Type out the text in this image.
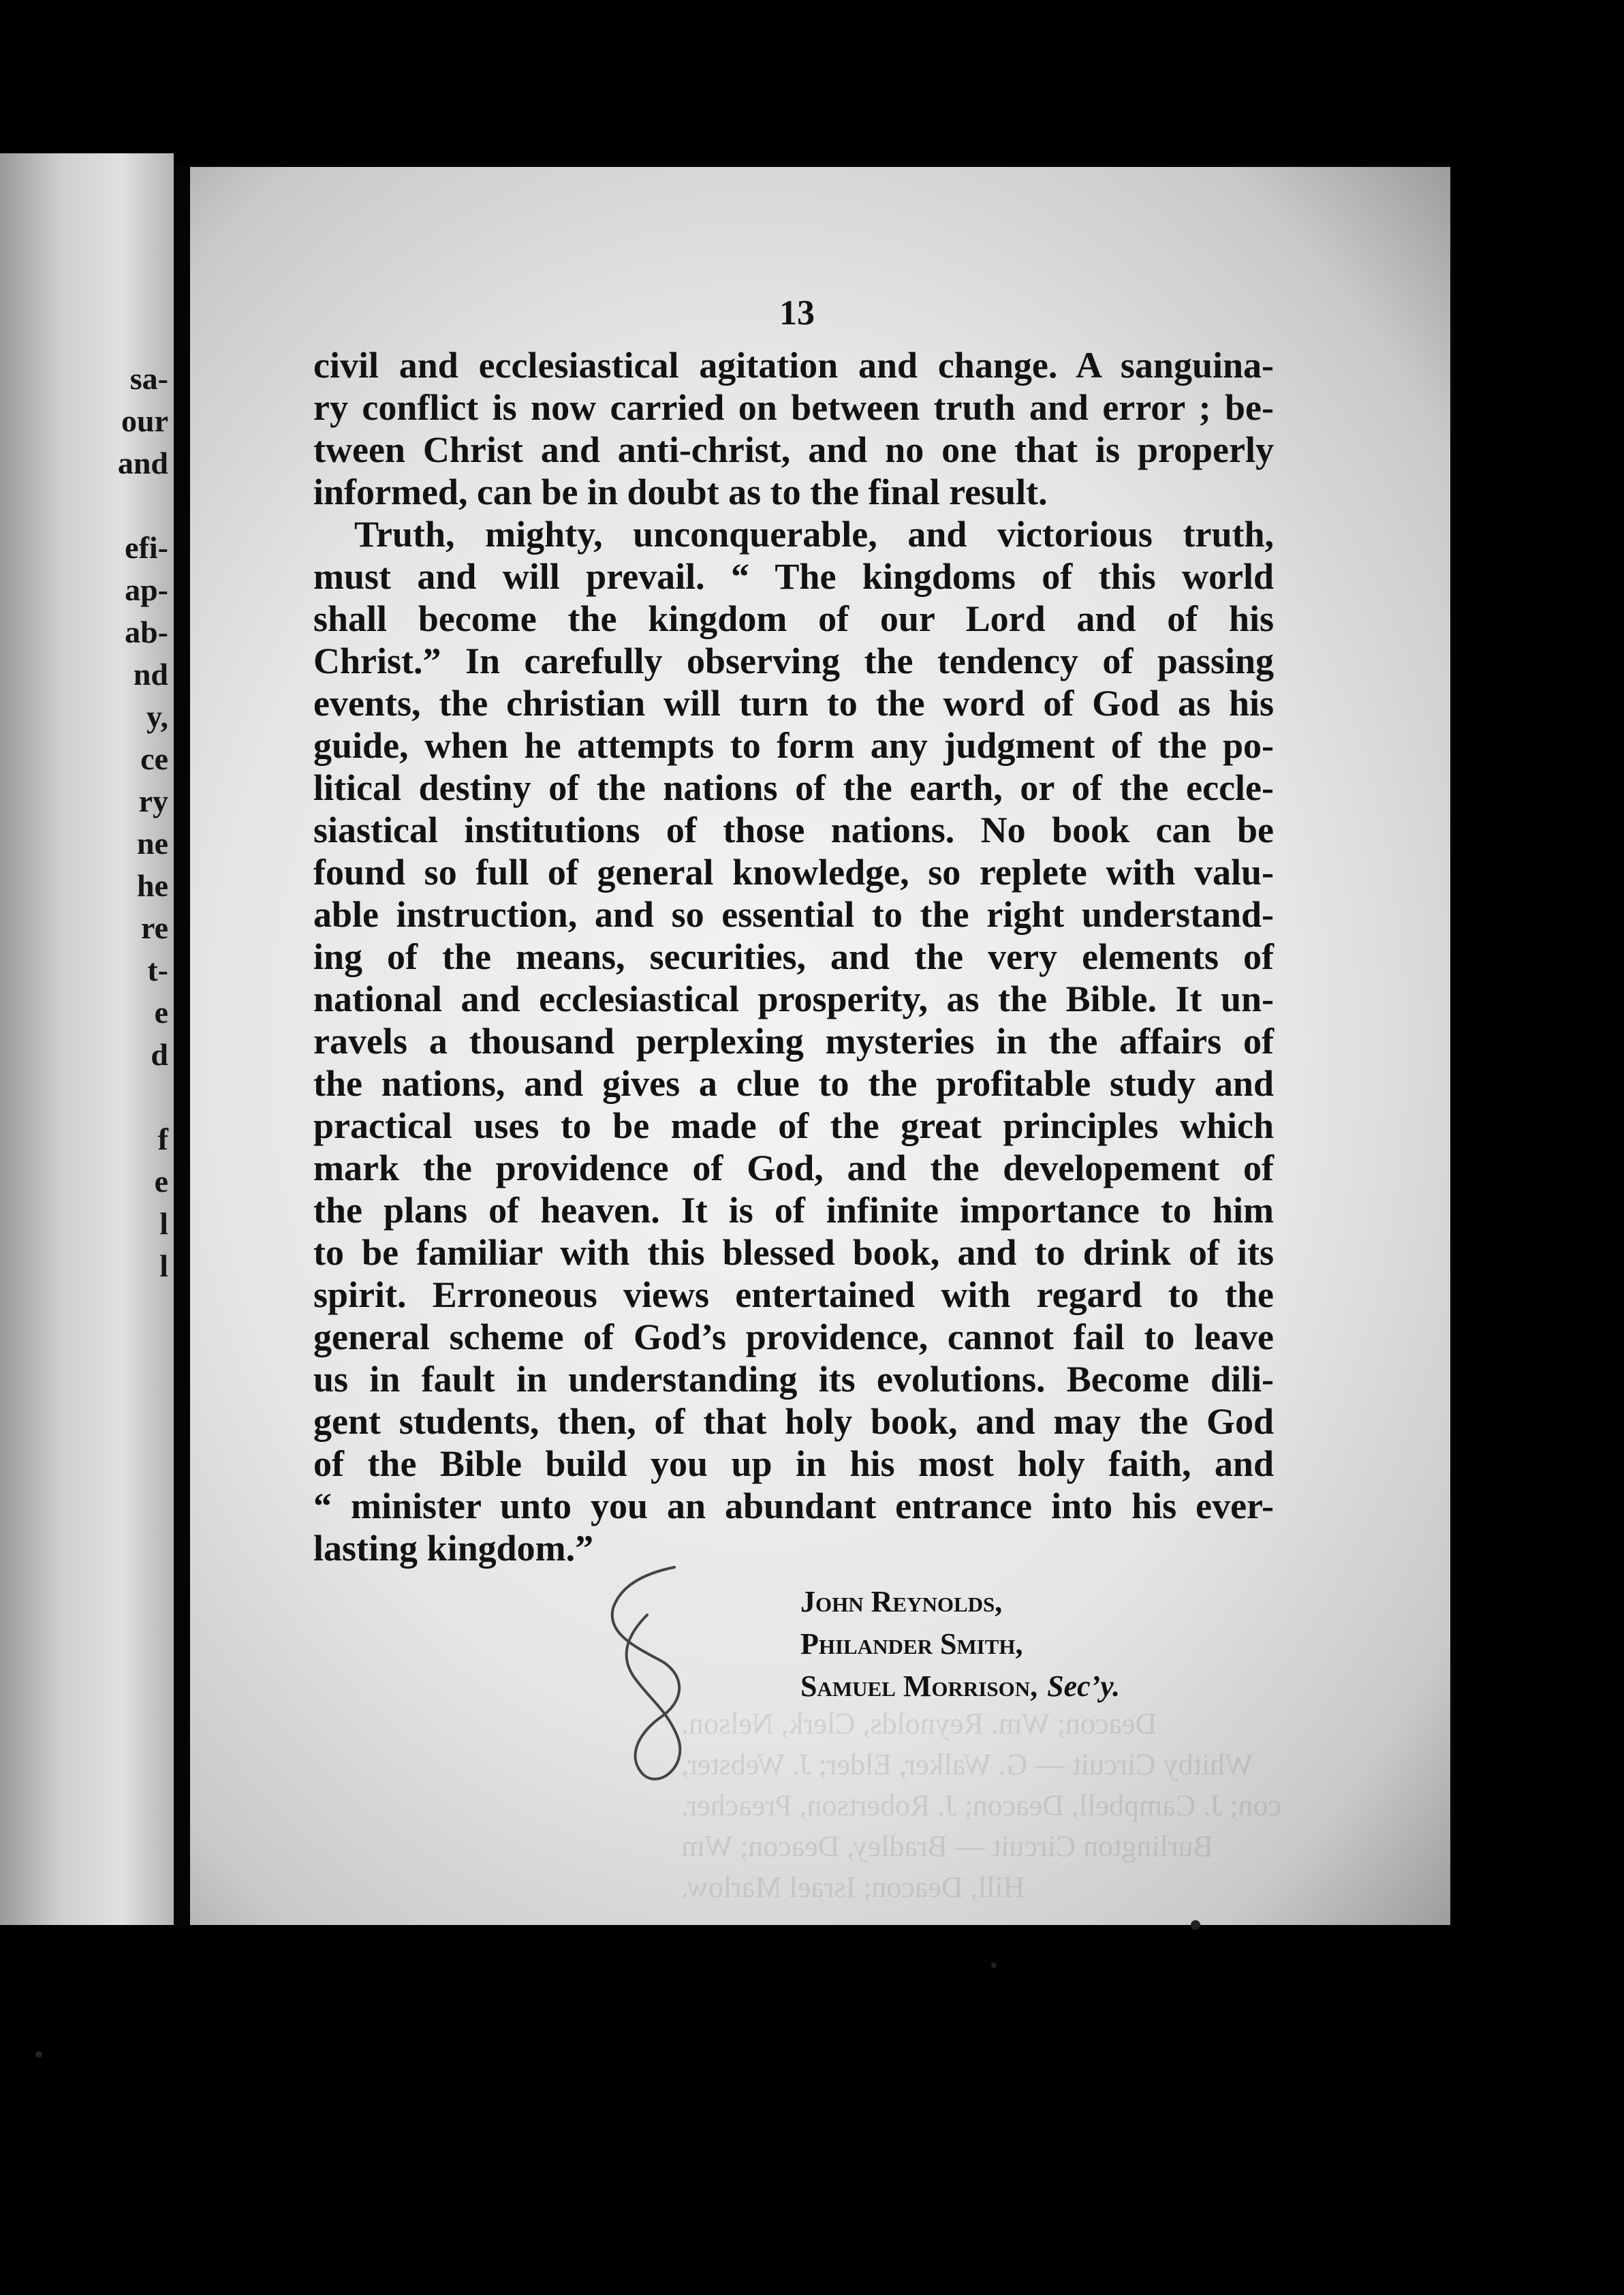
sa-
our
and
efi-
ap-
ab-
nd
y,
ce
ry
ne
he
re
t-
e
d
f
e
l
l
13
civil and ecclesiastical agitation and change. A sanguina-
ry conflict is now carried on between truth and error ; be-
tween Christ and anti-christ, and no one that is properly
informed, can be in doubt as to the final result.
Truth, mighty, unconquerable, and victorious truth,
must and will prevail. “ The kingdoms of this world
shall become the kingdom of our Lord and of his
Christ.” In carefully observing the tendency of passing
events, the christian will turn to the word of God as his
guide, when he attempts to form any judgment of the po-
litical destiny of the nations of the earth, or of the eccle-
siastical institutions of those nations. No book can be
found so full of general knowledge, so replete with valu-
able instruction, and so essential to the right understand-
ing of the means, securities, and the very elements of
national and ecclesiastical prosperity, as the Bible. It un-
ravels a thousand perplexing mysteries in the affairs of
the nations, and gives a clue to the profitable study and
practical uses to be made of the great principles which
mark the providence of God, and the developement of
the plans of heaven. It is of infinite importance to him
to be familiar with this blessed book, and to drink of its
spirit. Erroneous views entertained with regard to the
general scheme of God’s providence, cannot fail to leave
us in fault in understanding its evolutions. Become dili-
gent students, then, of that holy book, and may the God
of the Bible build you up in his most holy faith, and
“ minister unto you an abundant entrance into his ever-
lasting kingdom.”
John Reynolds,
Philander Smith,
Samuel Morrison, Sec’y.
Deacon; Wm. Reynolds, Clerk, Nelson.
Whitby Circuit — G. Walker, Elder; J. Webster,
con; J. Campbell, Deacon; J. Robertson, Preacher.
Burlington Circuit — Bradley, Deacon; Wm
Hill, Deacon; Israel Marlow.
